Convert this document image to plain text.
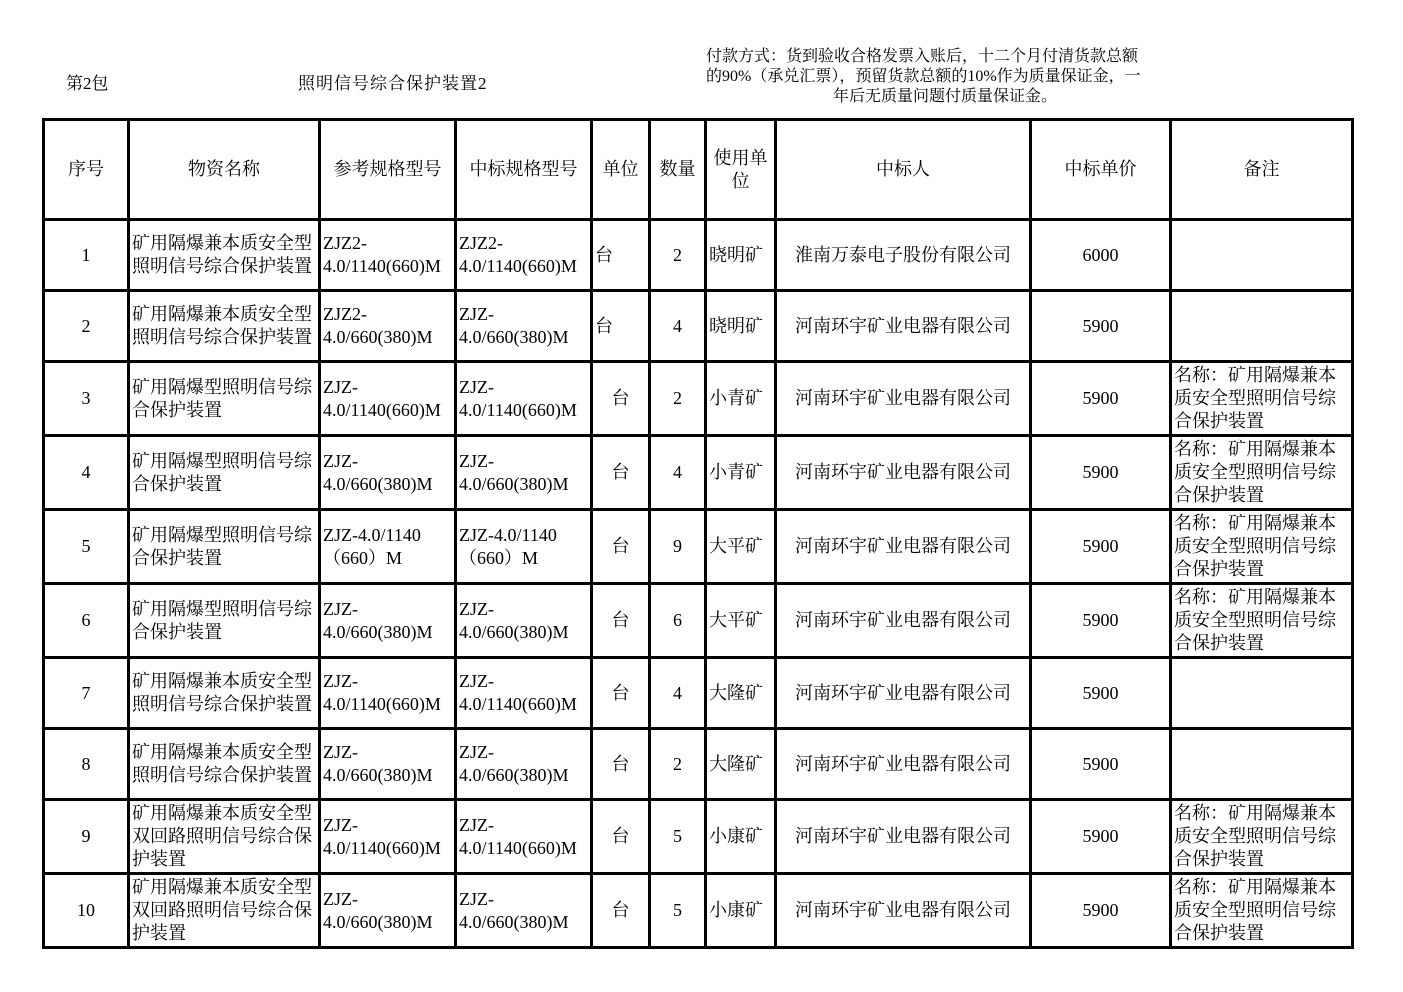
第2包	照明信号综合保护装置2
付款方式：货到验收合格发票入账后，十二个月付清货款总额
的90%（承兑汇票），预留货款总额的10%作为质量保证金，一
年后无质量问题付质量保证金。
序号	物资名称	参考规格型号	中标规格型号	单位	数量	使用单位	中标人	中标单价	备注
1	矿用隔爆兼本质安全型照明信号综合保护装置	ZJZ2-4.0/1140(660)M	ZJZ2-4.0/1140(660)M	台	2	晓明矿	淮南万泰电子股份有限公司	6000	
2	矿用隔爆兼本质安全型照明信号综合保护装置	ZJZ2-4.0/660(380)M	ZJZ-4.0/660(380)M	台	4	晓明矿	河南环宇矿业电器有限公司	5900	
3	矿用隔爆型照明信号综合保护装置	ZJZ-4.0/1140(660)M	ZJZ-4.0/1140(660)M	台	2	小青矿	河南环宇矿业电器有限公司	5900	名称：矿用隔爆兼本质安全型照明信号综合保护装置
4	矿用隔爆型照明信号综合保护装置	ZJZ-4.0/660(380)M	ZJZ-4.0/660(380)M	台	4	小青矿	河南环宇矿业电器有限公司	5900	名称：矿用隔爆兼本质安全型照明信号综合保护装置
5	矿用隔爆型照明信号综合保护装置	ZJZ-4.0/1140（660）M	ZJZ-4.0/1140（660）M	台	9	大平矿	河南环宇矿业电器有限公司	5900	名称：矿用隔爆兼本质安全型照明信号综合保护装置
6	矿用隔爆型照明信号综合保护装置	ZJZ-4.0/660(380)M	ZJZ-4.0/660(380)M	台	6	大平矿	河南环宇矿业电器有限公司	5900	名称：矿用隔爆兼本质安全型照明信号综合保护装置
7	矿用隔爆兼本质安全型照明信号综合保护装置	ZJZ-4.0/1140(660)M	ZJZ-4.0/1140(660)M	台	4	大隆矿	河南环宇矿业电器有限公司	5900	
8	矿用隔爆兼本质安全型照明信号综合保护装置	ZJZ-4.0/660(380)M	ZJZ-4.0/660(380)M	台	2	大隆矿	河南环宇矿业电器有限公司	5900	
9	矿用隔爆兼本质安全型双回路照明信号综合保护装置	ZJZ-4.0/1140(660)M	ZJZ-4.0/1140(660)M	台	5	小康矿	河南环宇矿业电器有限公司	5900	名称：矿用隔爆兼本质安全型照明信号综合保护装置
10	矿用隔爆兼本质安全型双回路照明信号综合保护装置	ZJZ-4.0/660(380)M	ZJZ-4.0/660(380)M	台	5	小康矿	河南环宇矿业电器有限公司	5900	名称：矿用隔爆兼本质安全型照明信号综合保护装置
